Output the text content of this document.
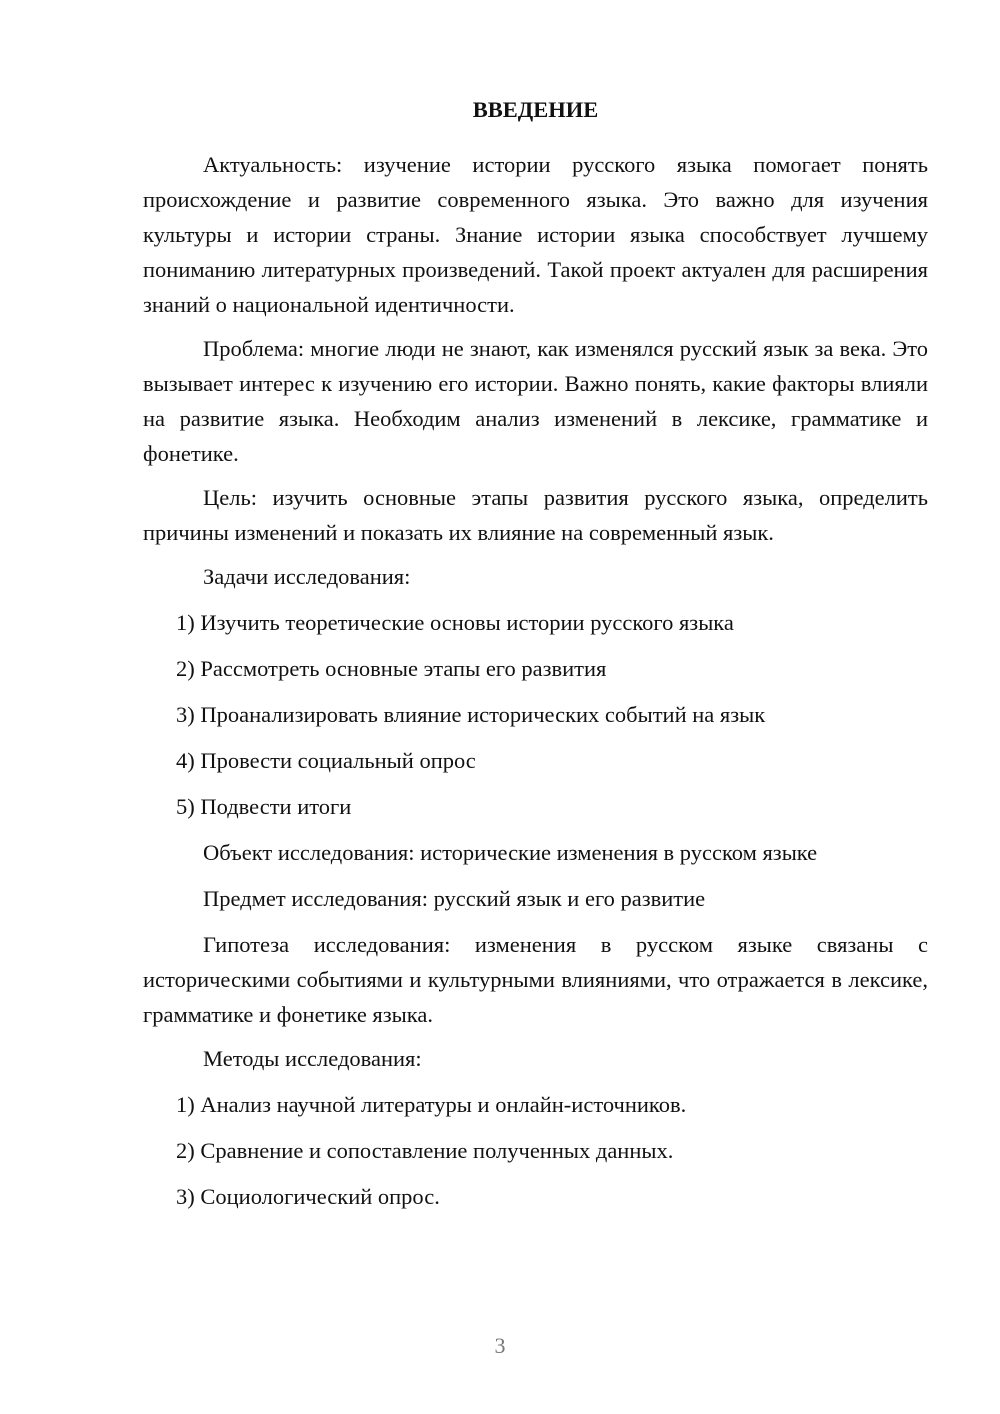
ВВЕДЕНИЕ

Актуальность: изучение истории русского языка помогает понять происхождение и развитие современного языка. Это важно для изучения культуры и истории страны. Знание истории языка способствует лучшему пониманию литературных произведений. Такой проект актуален для расширения знаний о национальной идентичности.

Проблема: многие люди не знают, как изменялся русский язык за века. Это вызывает интерес к изучению его истории. Важно понять, какие факторы влияли на развитие языка. Необходим анализ изменений в лексике, грамматике и фонетике.

Цель: изучить основные этапы развития русского языка, определить причины изменений и показать их влияние на современный язык.

Задачи исследования:
1) Изучить теоретические основы истории русского языка
2) Рассмотреть основные этапы его развития
3) Проанализировать влияние исторических событий на язык
4) Провести социальный опрос
5) Подвести итоги
Объект исследования: исторические изменения в русском языке
Предмет исследования: русский язык и его развитие

Гипотеза исследования: изменения в русском языке связаны с историческими событиями и культурными влияниями, что отражается в лексике, грамматике и фонетике языка.

Методы исследования:
1) Анализ научной литературы и онлайн-источников.
2) Сравнение и сопоставление полученных данных.
3) Социологический опрос.
3
